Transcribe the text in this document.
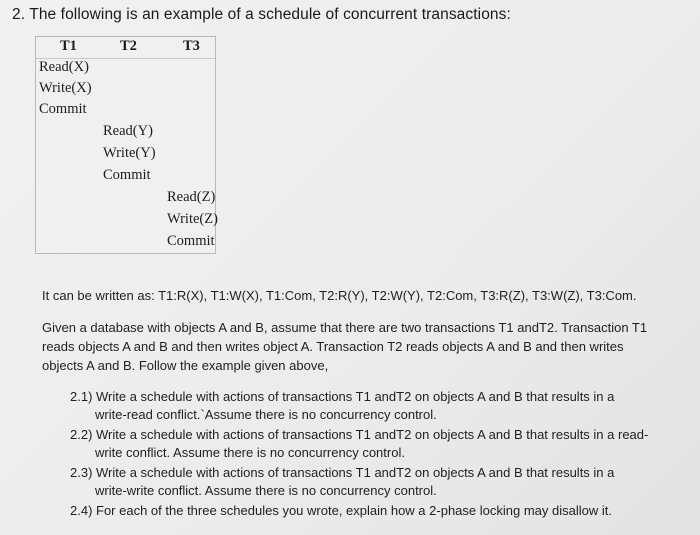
2. The following is an example of a schedule of concurrent transactions:
T1	T2	T3
Read(X)
Write(X)
Commit
Read(Y)
Write(Y)
Commit
Read(Z)
Write(Z)
Commit
It can be written as: T1:R(X), T1:W(X), T1:Com, T2:R(Y), T2:W(Y), T2:Com, T3:R(Z), T3:W(Z), T3:Com.
Given a database with objects A and B, assume that there are two transactions T1 andT2. Transaction T1
reads objects A and B and then writes object A. Transaction T2 reads objects A and B and then writes
objects A and B. Follow the example given above,
2.1) Write a schedule with actions of transactions T1 andT2 on objects A and B that results in a
write-read conflict.`Assume there is no concurrency control.
2.2) Write a schedule with actions of transactions T1 andT2 on objects A and B that results in a read-
write conflict. Assume there is no concurrency control.
2.3) Write a schedule with actions of transactions T1 andT2 on objects A and B that results in a
write-write conflict. Assume there is no concurrency control.
2.4) For each of the three schedules you wrote, explain how a 2-phase locking may disallow it.
